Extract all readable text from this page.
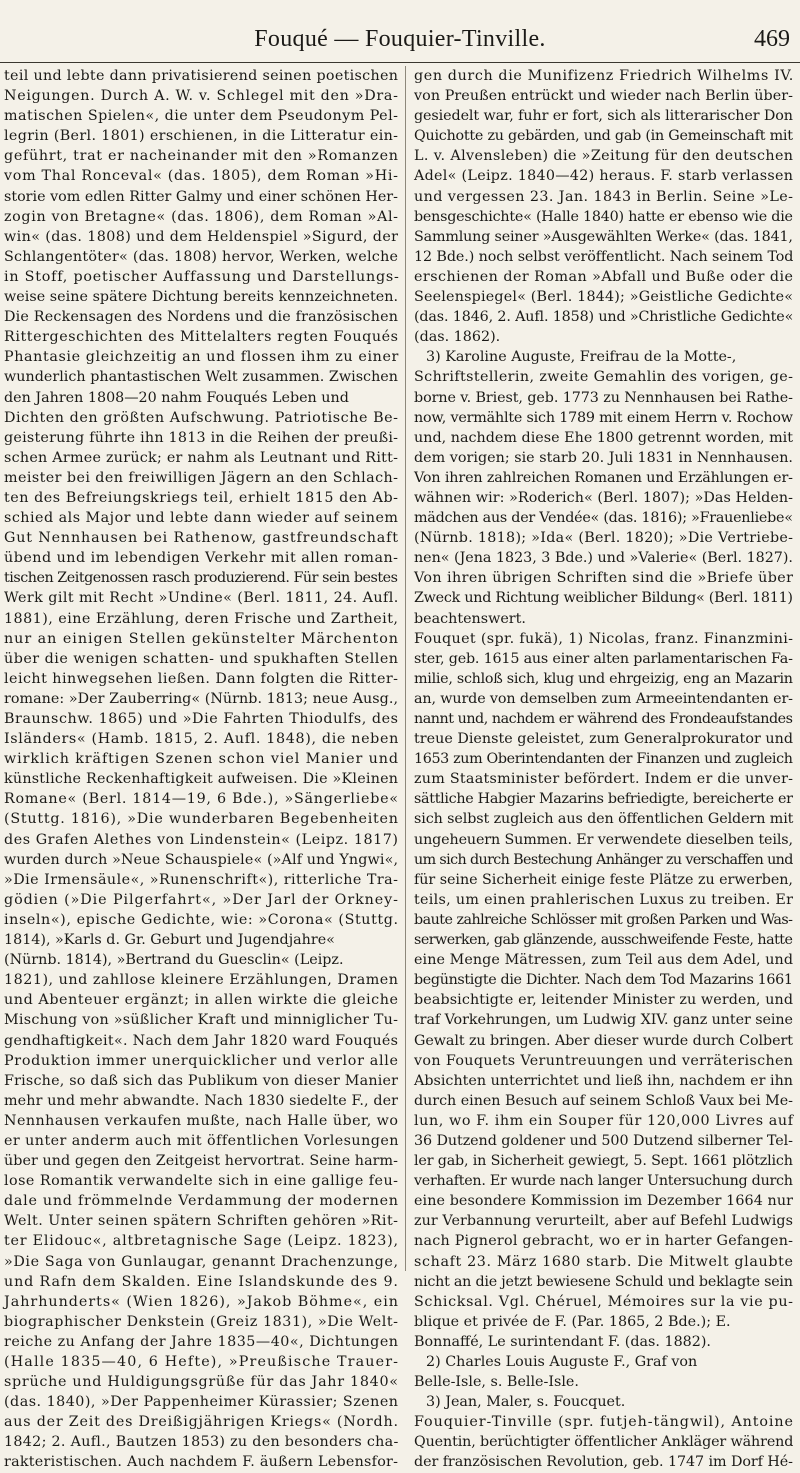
Fouqué — Fouquier-Tinville.	469
teil und lebte dann privatisierend seinen poetischen
Neigungen. Durch A. W. v. Schlegel mit den »Dra-
matischen Spielen«, die unter dem Pseudonym Pel-
legrin (Berl. 1801) erschienen, in die Litteratur ein-
geführt, trat er nacheinander mit den »Romanzen
vom Thal Ronceval« (das. 1805), dem Roman »Hi-
storie vom edlen Ritter Galmy und einer schönen Her-
zogin von Bretagne« (das. 1806), dem Roman »Al-
win« (das. 1808) und dem Heldenspiel »Sigurd, der
Schlangentöter« (das. 1808) hervor, Werken, welche
in Stoff, poetischer Auffassung und Darstellungs-
weise seine spätere Dichtung bereits kennzeichneten.
Die Reckensagen des Nordens und die französischen
Rittergeschichten des Mittelalters regten Fouqués
Phantasie gleichzeitig an und flossen ihm zu einer
wunderlich phantastischen Welt zusammen. Zwischen
den Jahren 1808—20 nahm Fouqués Leben und
Dichten den größten Aufschwung. Patriotische Be-
geisterung führte ihn 1813 in die Reihen der preußi-
schen Armee zurück; er nahm als Leutnant und Ritt-
meister bei den freiwilligen Jägern an den Schlach-
ten des Befreiungskriegs teil, erhielt 1815 den Ab-
schied als Major und lebte dann wieder auf seinem
Gut Nennhausen bei Rathenow, gastfreundschaft
übend und im lebendigen Verkehr mit allen roman-
tischen Zeitgenossen rasch produzierend. Für sein bestes
Werk gilt mit Recht »Undine« (Berl. 1811, 24. Aufl.
1881), eine Erzählung, deren Frische und Zartheit,
nur an einigen Stellen gekünstelter Märchenton
über die wenigen schatten- und spukhaften Stellen
leicht hinwegsehen ließen. Dann folgten die Ritter-
romane: »Der Zauberring« (Nürnb. 1813; neue Ausg.,
Braunschw. 1865) und »Die Fahrten Thiodulfs, des
Isländers« (Hamb. 1815, 2. Aufl. 1848), die neben
wirklich kräftigen Szenen schon viel Manier und
künstliche Reckenhaftigkeit aufweisen. Die »Kleinen
Romane« (Berl. 1814—19, 6 Bde.), »Sängerliebe«
(Stuttg. 1816), »Die wunderbaren Begebenheiten
des Grafen Alethes von Lindenstein« (Leipz. 1817)
wurden durch »Neue Schauspiele« (»Alf und Yngwi«,
»Die Irmensäule«, »Runenschrift«), ritterliche Tra-
gödien (»Die Pilgerfahrt«, »Der Jarl der Orkney-
inseln«), epische Gedichte, wie: »Corona« (Stuttg.
1814), »Karls d. Gr. Geburt und Jugendjahre«
(Nürnb. 1814), »Bertrand du Guesclin« (Leipz.
1821), und zahllose kleinere Erzählungen, Dramen
und Abenteuer ergänzt; in allen wirkte die gleiche
Mischung von »süßlicher Kraft und minniglicher Tu-
gendhaftigkeit«. Nach dem Jahr 1820 ward Fouqués
Produktion immer unerquicklicher und verlor alle
Frische, so daß sich das Publikum von dieser Manier
mehr und mehr abwandte. Nach 1830 siedelte F., der
Nennhausen verkaufen mußte, nach Halle über, wo
er unter anderm auch mit öffentlichen Vorlesungen
über und gegen den Zeitgeist hervortrat. Seine harm-
lose Romantik verwandelte sich in eine gallige feu-
dale und frömmelnde Verdammung der modernen
Welt. Unter seinen spätern Schriften gehören »Rit-
ter Elidouc«, altbretagnische Sage (Leipz. 1823),
»Die Saga von Gunlaugar, genannt Drachenzunge,
und Rafn dem Skalden. Eine Islandskunde des 9.
Jahrhunderts« (Wien 1826), »Jakob Böhme«, ein
biographischer Denkstein (Greiz 1831), »Die Welt-
reiche zu Anfang der Jahre 1835—40«, Dichtungen
(Halle 1835—40, 6 Hefte), »Preußische Trauer-
sprüche und Huldigungsgrüße für das Jahr 1840«
(das. 1840), »Der Pappenheimer Kürassier; Szenen
aus der Zeit des Dreißigjährigen Kriegs« (Nordh.
1842; 2. Aufl., Bautzen 1853) zu den besonders cha-
rakteristischen. Auch nachdem F. äußern Lebensfor-
gen durch die Munifizenz Friedrich Wilhelms IV.
von Preußen entrückt und wieder nach Berlin über-
gesiedelt war, fuhr er fort, sich als litterarischer Don
Quichotte zu gebärden, und gab (in Gemeinschaft mit
L. v. Alvensleben) die »Zeitung für den deutschen
Adel« (Leipz. 1840—42) heraus. F. starb verlassen
und vergessen 23. Jan. 1843 in Berlin. Seine »Le-
bensgeschichte« (Halle 1840) hatte er ebenso wie die
Sammlung seiner »Ausgewählten Werke« (das. 1841,
12 Bde.) noch selbst veröffentlicht. Nach seinem Tod
erschienen der Roman »Abfall und Buße oder die
Seelenspiegel« (Berl. 1844); »Geistliche Gedichte«
(das. 1846, 2. Aufl. 1858) und »Christliche Gedichte«
(das. 1862).
3) Karoline Auguste, Freifrau de la Motte-,
Schriftstellerin, zweite Gemahlin des vorigen, ge-
borne v. Briest, geb. 1773 zu Nennhausen bei Rathe-
now, vermählte sich 1789 mit einem Herrn v. Rochow
und, nachdem diese Ehe 1800 getrennt worden, mit
dem vorigen; sie starb 20. Juli 1831 in Nennhausen.
Von ihren zahlreichen Romanen und Erzählungen er-
wähnen wir: »Roderich« (Berl. 1807); »Das Helden-
mädchen aus der Vendée« (das. 1816); »Frauenliebe«
(Nürnb. 1818); »Ida« (Berl. 1820); »Die Vertriebe-
nen« (Jena 1823, 3 Bde.) und »Valerie« (Berl. 1827).
Von ihren übrigen Schriften sind die »Briefe über
Zweck und Richtung weiblicher Bildung« (Berl. 1811)
beachtenswert.
Fouquet (spr. fukä), 1) Nicolas, franz. Finanzmini-
ster, geb. 1615 aus einer alten parlamentarischen Fa-
milie, schloß sich, klug und ehrgeizig, eng an Mazarin
an, wurde von demselben zum Armeeintendanten er-
nannt und, nachdem er während des Frondeaufstandes
treue Dienste geleistet, zum Generalprokurator und
1653 zum Oberintendanten der Finanzen und zugleich
zum Staatsminister befördert. Indem er die unver-
sättliche Habgier Mazarins befriedigte, bereicherte er
sich selbst zugleich aus den öffentlichen Geldern mit
ungeheuern Summen. Er verwendete dieselben teils,
um sich durch Bestechung Anhänger zu verschaffen und
für seine Sicherheit einige feste Plätze zu erwerben,
teils, um einen prahlerischen Luxus zu treiben. Er
baute zahlreiche Schlösser mit großen Parken und Was-
serwerken, gab glänzende, ausschweifende Feste, hatte
eine Menge Mätressen, zum Teil aus dem Adel, und
begünstigte die Dichter. Nach dem Tod Mazarins 1661
beabsichtigte er, leitender Minister zu werden, und
traf Vorkehrungen, um Ludwig XIV. ganz unter seine
Gewalt zu bringen. Aber dieser wurde durch Colbert
von Fouquets Veruntreuungen und verräterischen
Absichten unterrichtet und ließ ihn, nachdem er ihn
durch einen Besuch auf seinem Schloß Vaux bei Me-
lun, wo F. ihm ein Souper für 120,000 Livres auf
36 Dutzend goldener und 500 Dutzend silberner Tel-
ler gab, in Sicherheit gewiegt, 5. Sept. 1661 plötzlich
verhaften. Er wurde nach langer Untersuchung durch
eine besondere Kommission im Dezember 1664 nur
zur Verbannung verurteilt, aber auf Befehl Ludwigs
nach Pignerol gebracht, wo er in harter Gefangen-
schaft 23. März 1680 starb. Die Mitwelt glaubte
nicht an die jetzt bewiesene Schuld und beklagte sein
Schicksal. Vgl. Chéruel, Mémoires sur la vie pu-
blique et privée de F. (Par. 1865, 2 Bde.); E.
Bonnaffé, Le surintendant F. (das. 1882).
2) Charles Louis Auguste F., Graf von
Belle-Isle, s. Belle-Isle.
3) Jean, Maler, s. Foucquet.
Fouquier-Tinville (spr. futjeh-tängwil), Antoine
Quentin, berüchtigter öffentlicher Ankläger während
der französischen Revolution, geb. 1747 im Dorf Hé-
